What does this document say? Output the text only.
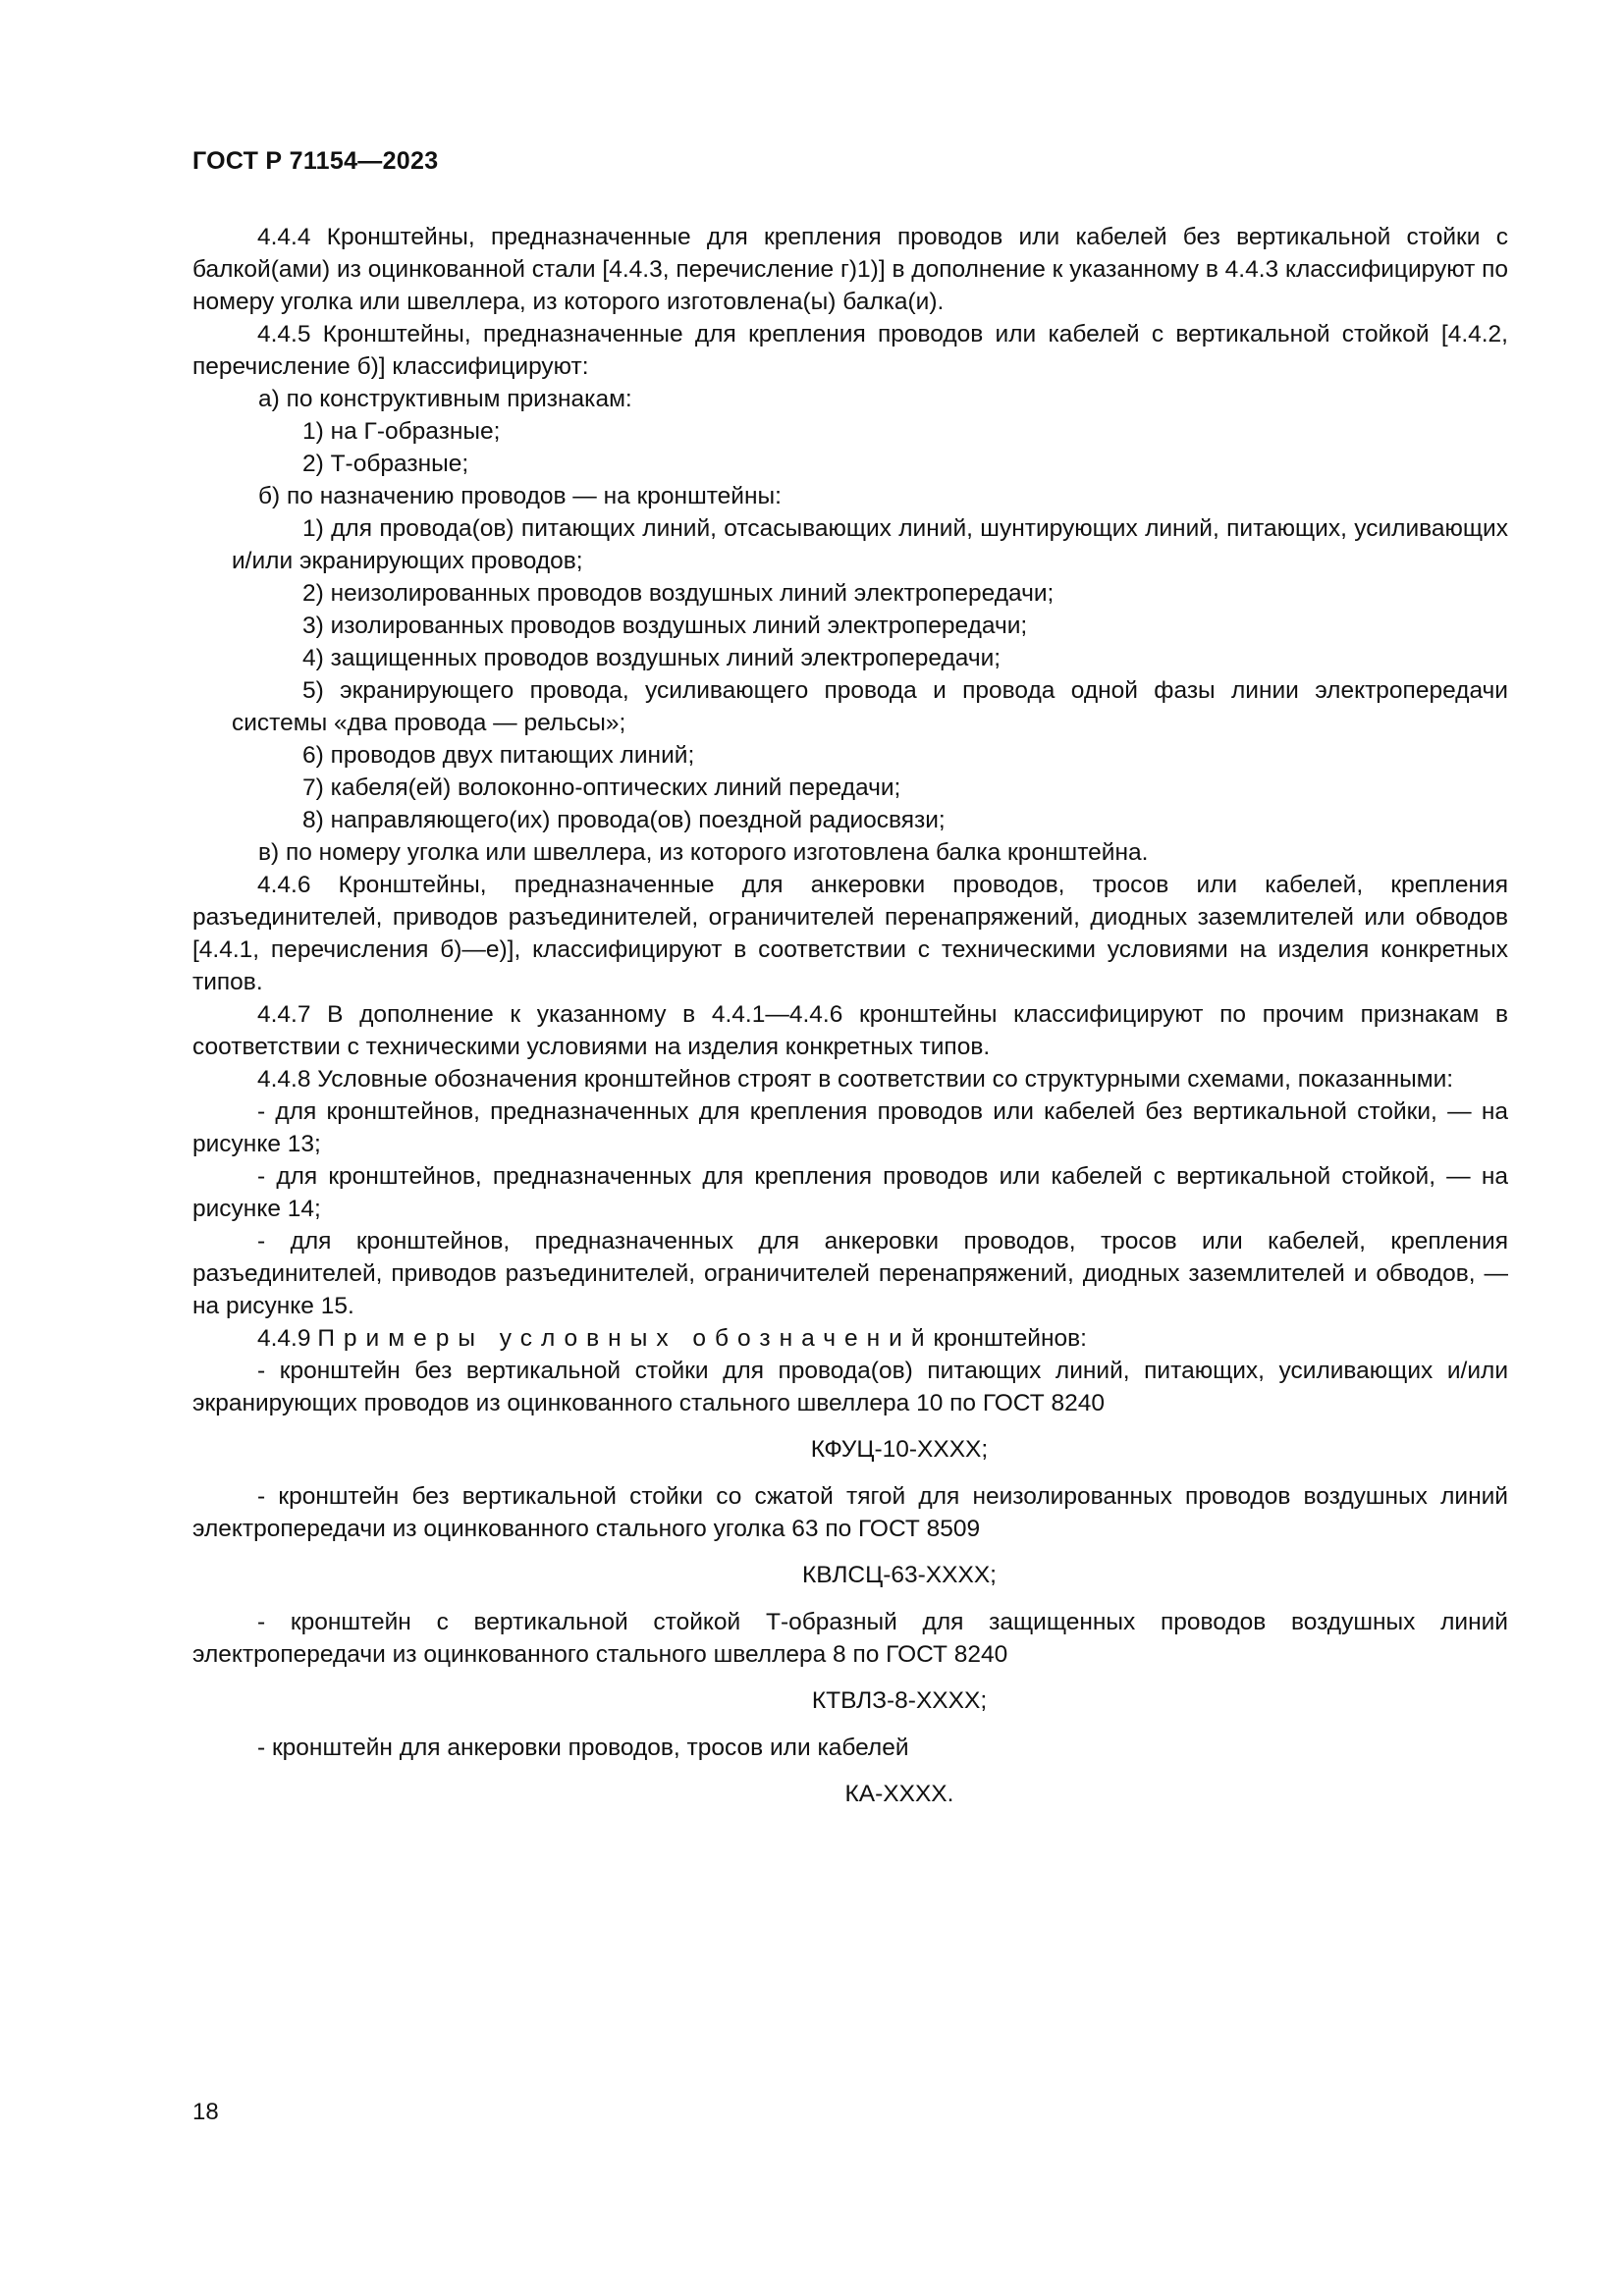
ГОСТ Р 71154—2023

4.4.4 Кронштейны, предназначенные для крепления проводов или кабелей без вертикальной стойки с балкой(ами) из оцинкованной стали [4.4.3, перечисление г)1)] в дополнение к указанному в 4.4.3 классифицируют по номеру уголка или швеллера, из которого изготовлена(ы) балка(и).

4.4.5 Кронштейны, предназначенные для крепления проводов или кабелей с вертикальной стойкой [4.4.2, перечисление б)] классифицируют:

а) по конструктивным признакам:

1) на Г-образные;

2) Т-образные;

б) по назначению проводов — на кронштейны:

1) для провода(ов) питающих линий, отсасывающих линий, шунтирующих линий, питающих, усиливающих и/или экранирующих проводов;

2) неизолированных проводов воздушных линий электропередачи;

3) изолированных проводов воздушных линий электропередачи;

4) защищенных проводов воздушных линий электропередачи;

5) экранирующего провода, усиливающего провода и провода одной фазы линии электропередачи системы «два провода — рельсы»;

6) проводов двух питающих линий;

7) кабеля(ей) волоконно-оптических линий передачи;

8) направляющего(их) провода(ов) поездной радиосвязи;

в) по номеру уголка или швеллера, из которого изготовлена балка кронштейна.

4.4.6 Кронштейны, предназначенные для анкеровки проводов, тросов или кабелей, крепления разъединителей, приводов разъединителей, ограничителей перенапряжений, диодных заземлителей или обводов [4.4.1, перечисления б)—е)], классифицируют в соответствии с техническими условиями на изделия конкретных типов.

4.4.7 В дополнение к указанному в 4.4.1—4.4.6 кронштейны классифицируют по прочим признакам в соответствии с техническими условиями на изделия конкретных типов.

4.4.8 Условные обозначения кронштейнов строят в соответствии со структурными схемами, показанными:

- для кронштейнов, предназначенных для крепления проводов или кабелей без вертикальной стойки, — на рисунке 13;

- для кронштейнов, предназначенных для крепления проводов или кабелей с вертикальной стойкой, — на рисунке 14;

- для кронштейнов, предназначенных для анкеровки проводов, тросов или кабелей, крепления разъединителей, приводов разъединителей, ограничителей перенапряжений, диодных заземлителей и обводов, — на рисунке 15.

4.4.9 Примеры условных обозначенийкронштейнов:

- кронштейн без вертикальной стойки для провода(ов) питающих линий, питающих, усиливающих и/или экранирующих проводов из оцинкованного стального швеллера 10 по ГОСТ 8240

КФУЦ-10-ХХХХ;

- кронштейн без вертикальной стойки со сжатой тягой для неизолированных проводов воздушных линий электропередачи из оцинкованного стального уголка 63 по ГОСТ 8509

КВЛСЦ-63-ХХХХ;

- кронштейн с вертикальной стойкой Т-образный для защищенных проводов воздушных линий электропередачи из оцинкованного стального швеллера 8 по ГОСТ 8240

КТВЛЗ-8-ХХХХ;

- кронштейн для анкеровки проводов, тросов или кабелей

КА-ХХХХ.

18
